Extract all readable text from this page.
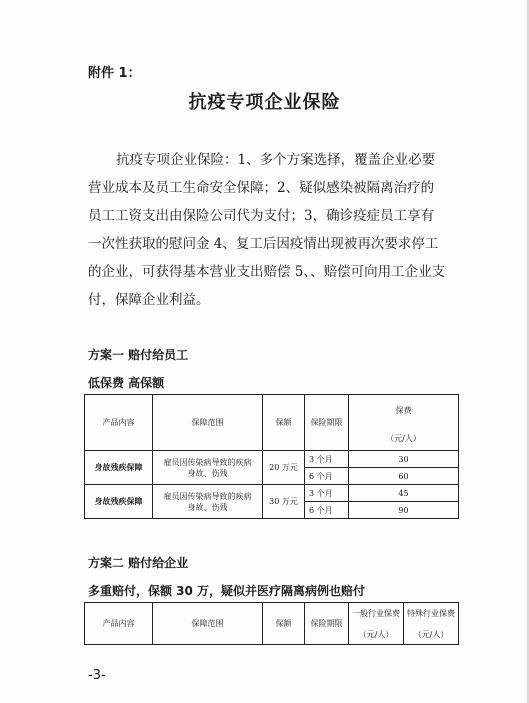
附件 1：
抗疫专项企业保险
抗疫专项企业保险：1、多个方案选择，覆盖企业必要
营业成本及员工生命安全保障；2、疑似感染被隔离治疗的
员工工资支出由保险公司代为支付；3，确诊疫症员工享有
一次性获取的慰问金 4、复工后因疫情出现被再次要求停工
的企业，可获得基本营业支出赔偿 5、、赔偿可向用工企业支
付，保障企业利益。
方案一 赔付给员工
低保费 高保额
产品内容	保障范围	保额	保险期限	保费
				（元/人）
身故残疾保障	雇员因传染病导致的疾病身故、伤残	20 万元	3 个月	30
			6 个月	60
身故残疾保障	雇员因传染病导致的疾病身故、伤残	30 万元	3 个月	45
			6 个月	90
方案二 赔付给企业
多重赔付，保额 30 万，疑似并医疗隔离病例也赔付
产品内容	保障范围	保额	保险期限	一般行业保费	特殊行业保费
				（元/人）	（元/人）
-3-
